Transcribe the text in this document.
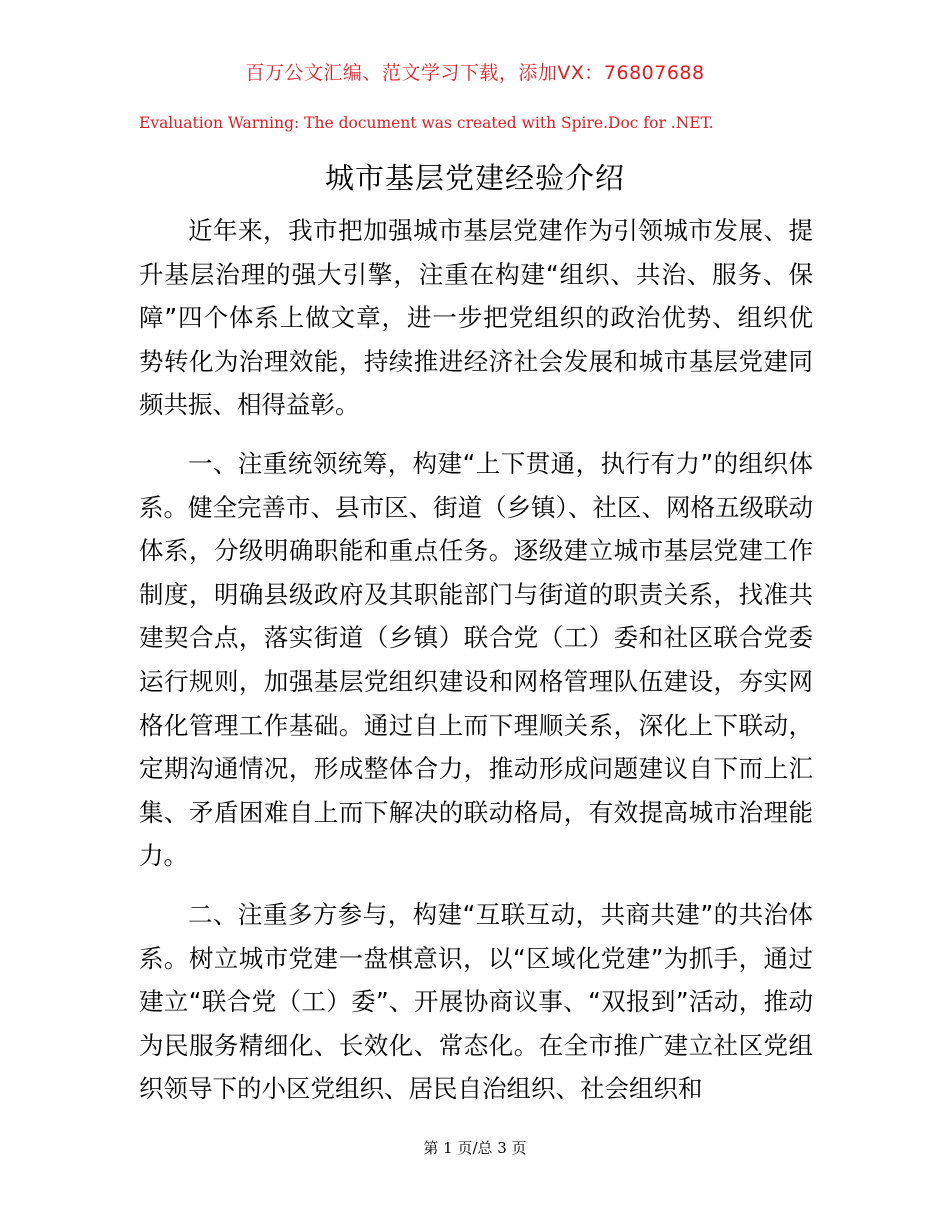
百万公文汇编、范文学习下载，添加VX：76807688
Evaluation Warning: The document was created with Spire.Doc for .NET.
城市基层党建经验介绍

近年来，我市把加强城市基层党建作为引领城市发展、提升基层治理的强大引擎，注重在构建“组织、共治、服务、保障”四个体系上做文章，进一步把党组织的政治优势、组织优势转化为治理效能，持续推进经济社会发展和城市基层党建同频共振、相得益彰。

一、注重统领统筹，构建“上下贯通，执行有力”的组织体系。健全完善市、县市区、街道（乡镇）、社区、网格五级联动体系，分级明确职能和重点任务。逐级建立城市基层党建工作制度，明确县级政府及其职能部门与街道的职责关系，找准共建契合点，落实街道（乡镇）联合党（工）委和社区联合党委运行规则，加强基层党组织建设和网格管理队伍建设，夯实网格化管理工作基础。通过自上而下理顺关系，深化上下联动，定期沟通情况，形成整体合力，推动形成问题建议自下而上汇集、矛盾困难自上而下解决的联动格局，有效提高城市治理能力。

二、注重多方参与，构建“互联互动，共商共建”的共治体系。树立城市党建一盘棋意识，以“区域化党建”为抓手，通过建立“联合党（工）委”、开展协商议事、“双报到”活动，推动为民服务精细化、长效化、常态化。在全市推广建立社区党组织领导下的小区党组织、居民自治组织、社会组织和

第 1 页/总 3 页
